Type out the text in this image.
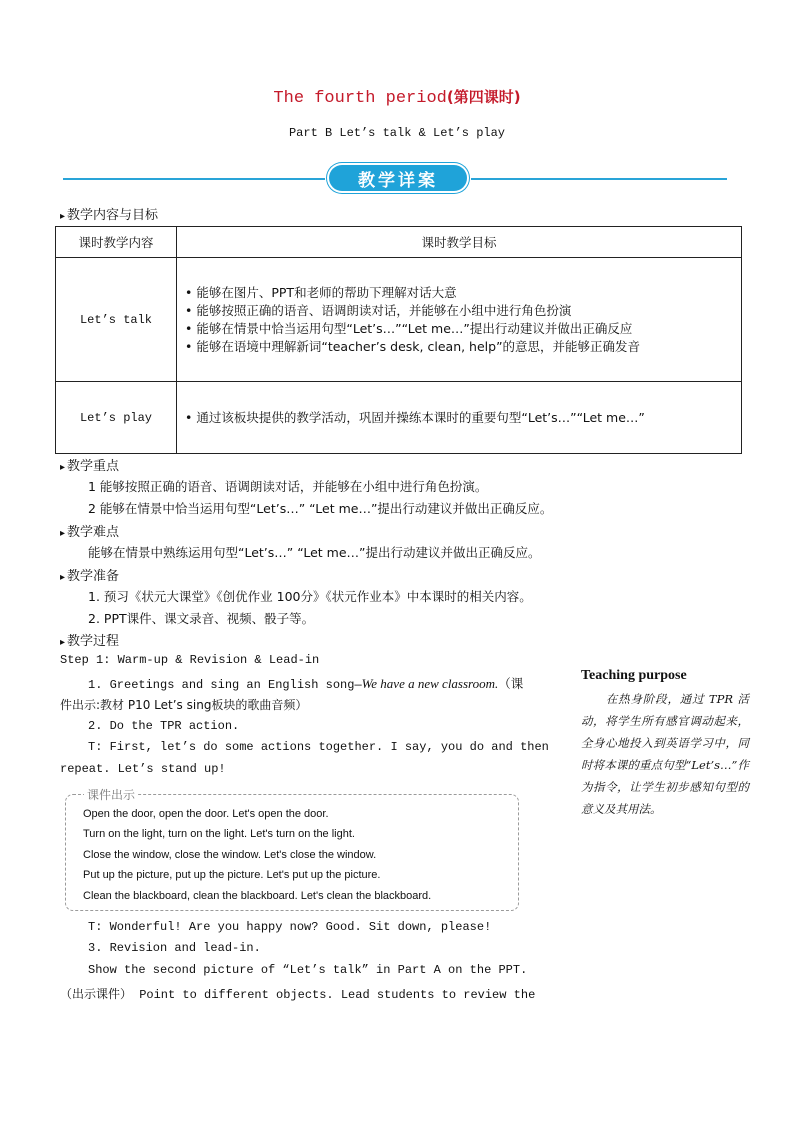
The fourth period(第四课时)
Part B Let’s talk & Let’s play
教学详案
▸ 教学内容与目标
课时教学内容	课时教学目标
Let’s talk	• 能够在图片、PPT和老师的帮助下理解对话大意
• 能够按照正确的语音、语调朗读对话，并能够在小组中进行角色扮演
• 能够在情景中恰当运用句型“Let’s…”“Let me…”提出行动建议并做出正确反应
• 能够在语境中理解新词“teacher’s desk, clean, help”的意思，并能够正确发音

Let’s play	• 通过该板块提供的教学活动，巩固并操练本课时的重要句型“Let’s…”“Let me…”
▸ 教学重点
1 能够按照正确的语音、语调朗读对话，并能够在小组中进行角色扮演。
2 能够在情景中恰当运用句型“Let’s…” “Let me…”提出行动建议并做出正确反应。
▸ 教学难点
能够在情景中熟练运用句型“Let’s…” “Let me…”提出行动建议并做出正确反应。
▸ 教学准备
1. 预习《状元大课堂》《创优作业 100分》《状元作业本》中本课时的相关内容。
2. PPT课件、课文录音、视频、骰子等。
▸ 教学过程
Step 1: Warm-up & Revision & Lead-in
1. Greetings and sing an English song—We have a new classroom.（课
件出示:教材 P10 Let’s sing板块的歌曲音频）
2. Do the TPR action.
T: First, let’s do some actions together. I say, you do and then
repeat. Let’s stand up!
课件出示
Open the door, open the door. Let's open the door.
Turn on the light, turn on the light. Let's turn on the light.
Close the window, close the window. Let's close the window.
Put up the picture, put up the picture. Let's put up the picture.
Clean the blackboard, clean the blackboard. Let's clean the blackboard.
T: Wonderful! Are you happy now? Good. Sit down, please!
3. Revision and lead-in.
Show the second picture of “Let’s talk” in Part A on the PPT.
（出示课件） Point to different objects. Lead students to review the
Teaching purpose
在热身阶段，通过 TPR 活动，将学生所有感官调动起来，全身心地投入到英语学习中，同时将本课的重点句型“Let’s…”作为指令，让学生初步感知句型的意义及其用法。
